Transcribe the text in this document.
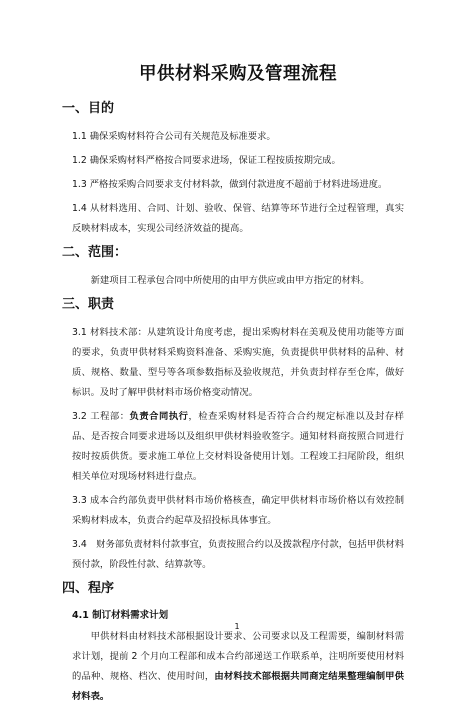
甲供材料采购及管理流程
一、目的
1.1 确保采购材料符合公司有关规范及标准要求。
1.2 确保采购材料严格按合同要求进场，保证工程按质按期完成。
1.3 严格按采购合同要求支付材料款，做到付款进度不超前于材料进场进度。
1.4 从材料选用、合同、计划、验收、保管、结算等环节进行全过程管理，真实反映材料成本，实现公司经济效益的提高。
二、范围：
新建项目工程承包合同中所使用的由甲方供应或由甲方指定的材料。
三、职责
3.1 材料技术部：从建筑设计角度考虑，提出采购材料在美观及使用功能等方面的要求，负责甲供材料采购资料准备、采购实施，负责提供甲供材料的品种、材质、规格、数量、型号等各项参数指标及验收规范，并负责封样存至仓库，做好标识。及时了解甲供材料市场价格变动情况。
3.2 工程部：负责合同执行，检查采购材料是否符合合约规定标准以及封存样品、是否按合同要求进场以及组织甲供材料验收签字。通知材料商按照合同进行按时按质供货。要求施工单位上交材料设备使用计划。工程竣工扫尾阶段，组织相关单位对现场材料进行盘点。
3.3 成本合约部负责甲供材料市场价格核查，确定甲供材料市场价格以有效控制采购材料成本，负责合约起草及招投标具体事宜。
3.4　财务部负责材料付款事宜，负责按照合约以及拨款程序付款，包括甲供材料预付款，阶段性付款、结算款等。
四、程序
4.1 制订材料需求计划
甲供材料由材料技术部根据设计要求、公司要求以及工程需要，编制材料需求计划，提前 2 个月向工程部和成本合约部递送工作联系单，注明所要使用材料的品种、规格、档次、使用时间，由材料技术部根据共同商定结果整理编制甲供材料表。
1
